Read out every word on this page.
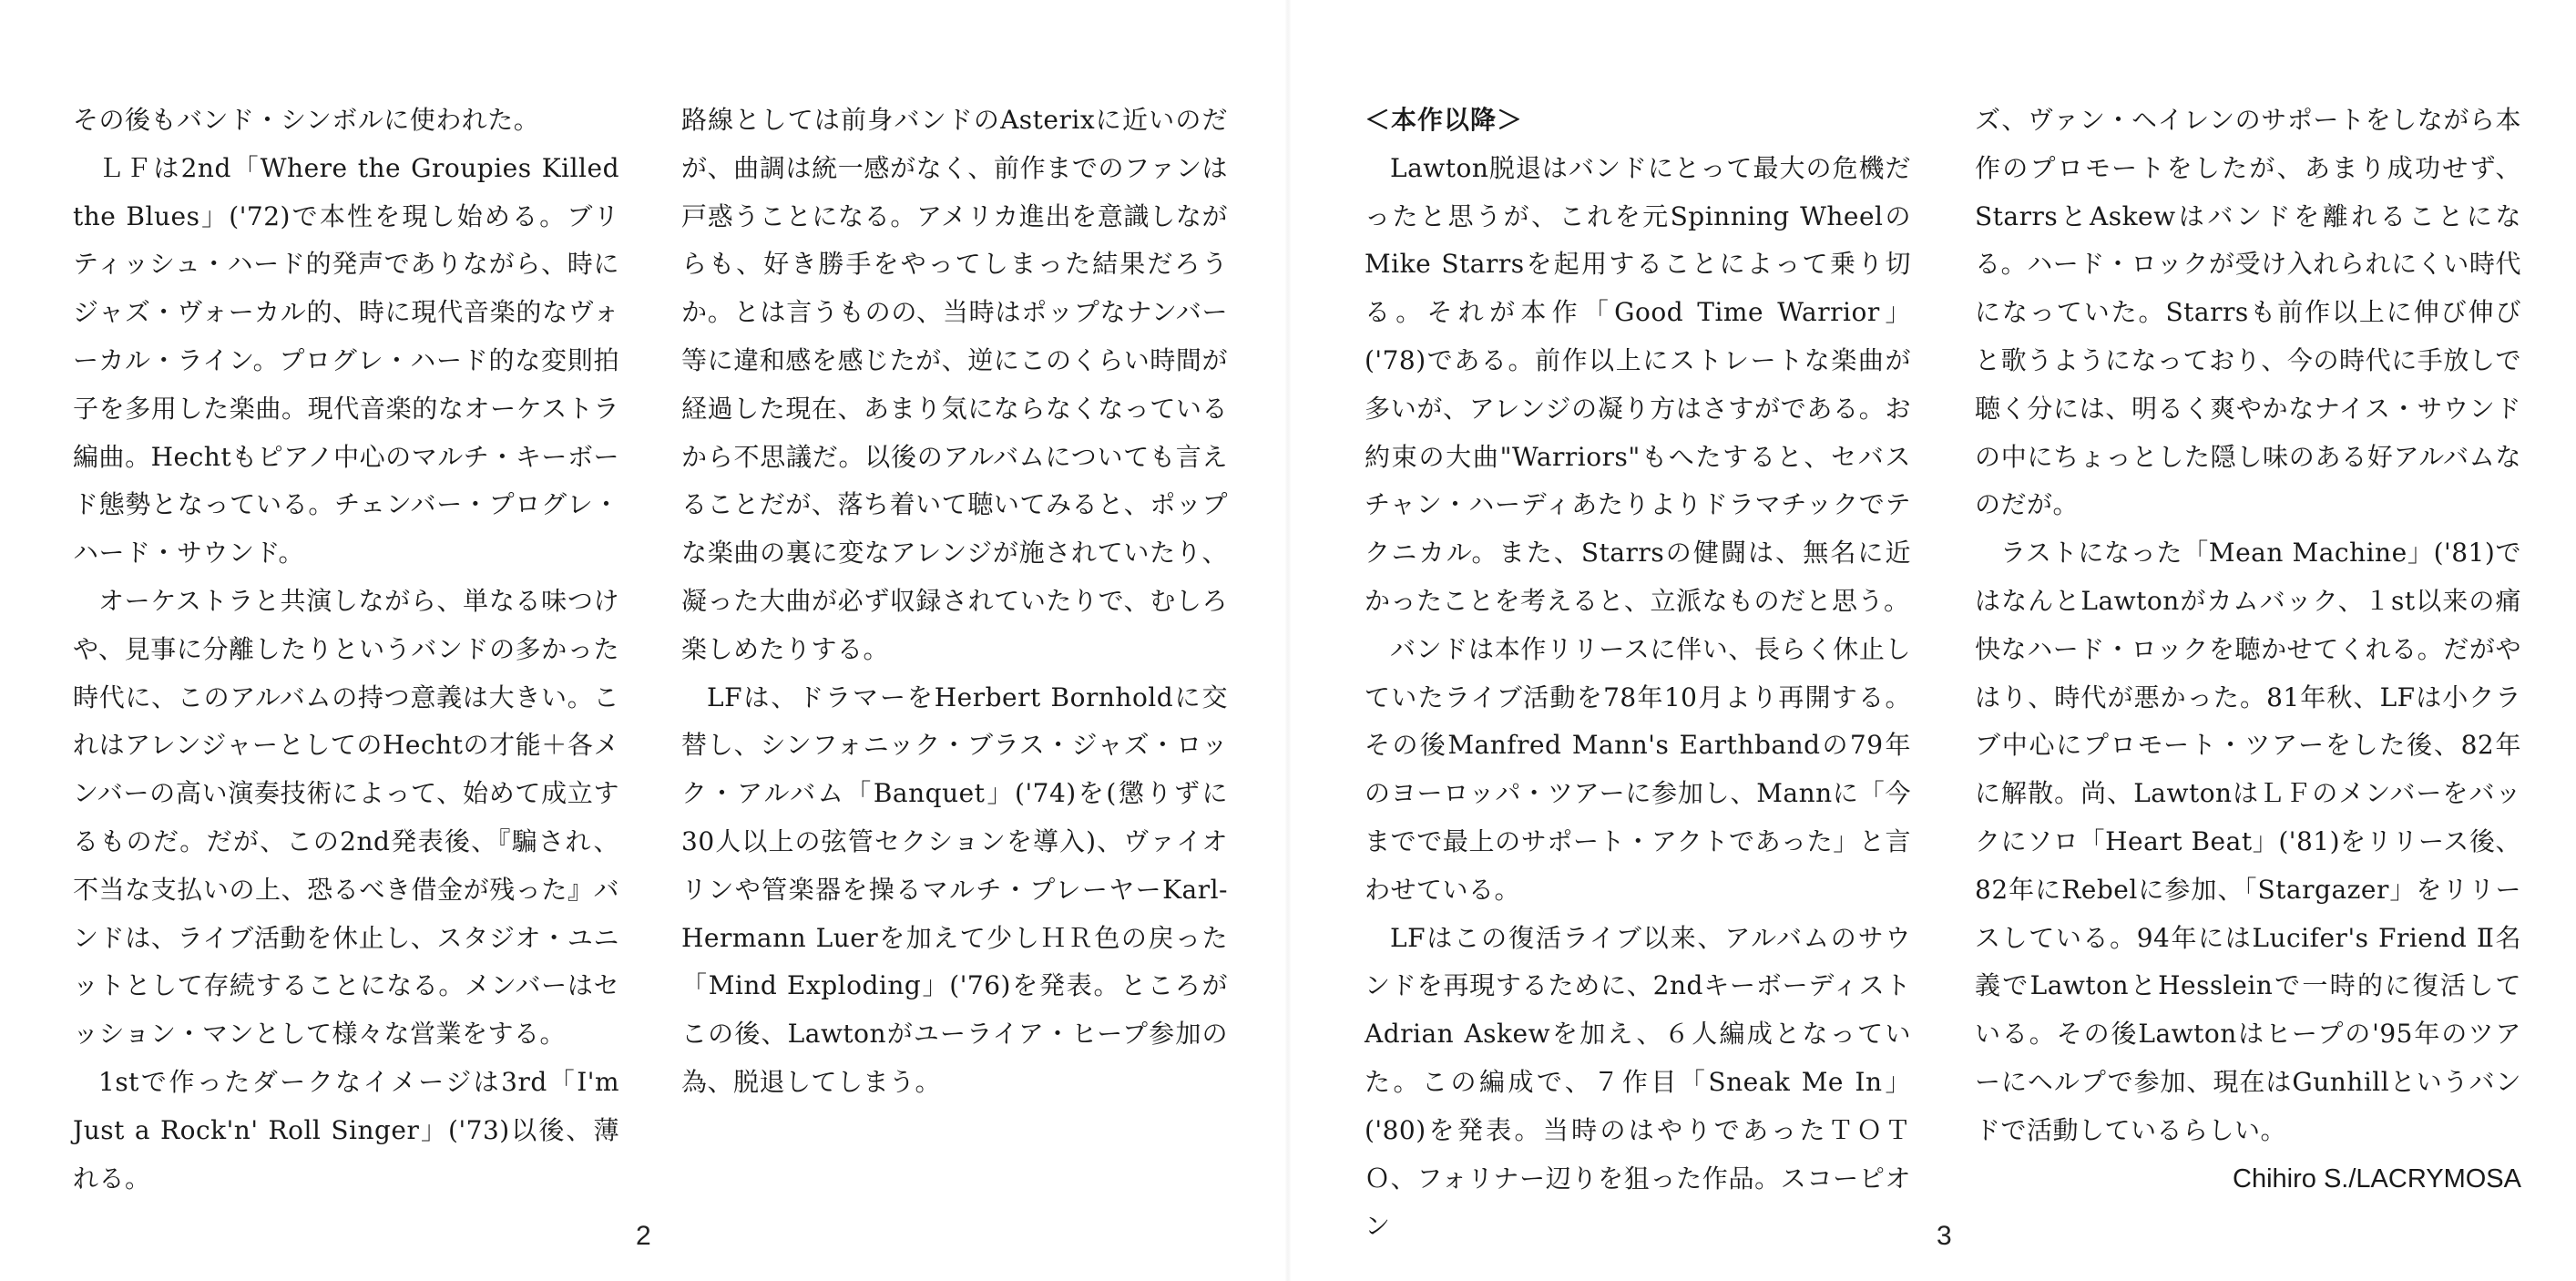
その後もバンド・シンボルに使われた。

ＬＦは2nd「Where the Groupies Killed the Blues」('72)で本性を現し始める。ブリティッシュ・ハード的発声でありながら、時にジャズ・ヴォーカル的、時に現代音楽的なヴォーカル・ライン。プログレ・ハード的な変則拍子を多用した楽曲。現代音楽的なオーケストラ編曲。Hechtもピアノ中心のマルチ・キーボード態勢となっている。チェンバー・プログレ・ハード・サウンド。

オーケストラと共演しながら、単なる味つけや、見事に分離したりというバンドの多かった時代に、このアルバムの持つ意義は大きい。これはアレンジャーとしてのHechtの才能＋各メンバーの高い演奏技術によって、始めて成立するものだ。だが、この2nd発表後、『騙され、不当な支払いの上、恐るべき借金が残った』バンドは、ライブ活動を休止し、スタジオ・ユニットとして存続することになる。メンバーはセッション・マンとして様々な営業をする。

1stで作ったダークなイメージは3rd「I'm Just a Rock'n' Roll Singer」('73)以後、薄れる。

路線としては前身バンドのAsterixに近いのだが、曲調は統一感がなく、前作までのファンは戸惑うことになる。アメリカ進出を意識しながらも、好き勝手をやってしまった結果だろうか。とは言うものの、当時はポップなナンバー等に違和感を感じたが、逆にこのくらい時間が経過した現在、あまり気にならなくなっているから不思議だ。以後のアルバムについても言えることだが、落ち着いて聴いてみると、ポップな楽曲の裏に変なアレンジが施されていたり、凝った大曲が必ず収録されていたりで、むしろ楽しめたりする。

LFは、ドラマーをHerbert Bornholdに交替し、シンフォニック・ブラス・ジャズ・ロック・アルバム「Banquet」('74)を(懲りずに30人以上の弦管セクションを導入)、ヴァイオリンや管楽器を操るマルチ・プレーヤーKarl-Hermann Luerを加えて少しＨＲ色の戻った「Mind Exploding」('76)を発表。ところがこの後、Lawtonがユーライア・ヒープ参加の為、脱退してしまう。

2

＜本作以降＞

Lawton脱退はバンドにとって最大の危機だったと思うが、これを元Spinning WheelのMike Starrsを起用することによって乗り切る。それが本作「Good Time Warrior」('78)である。前作以上にストレートな楽曲が多いが、アレンジの凝り方はさすがである。お約束の大曲"Warriors"もへたすると、セバスチャン・ハーディあたりよりドラマチックでテクニカル。また、Starrsの健闘は、無名に近かったことを考えると、立派なものだと思う。

バンドは本作リリースに伴い、長らく休止していたライブ活動を78年10月より再開する。その後Manfred Mann's Earthbandの79年のヨーロッパ・ツアーに参加し、Mannに「今までで最上のサポート・アクトであった」と言わせている。

LFはこの復活ライブ以来、アルバムのサウンドを再現するために、2ndキーボーディストAdrian Askewを加え、６人編成となっていた。この編成で、７作目「Sneak Me In」('80)を発表。当時のはやりであったＴＯＴＯ、フォリナー辺りを狙った作品。スコーピオン

ズ、ヴァン・ヘイレンのサポートをしながら本作のプロモートをしたが、あまり成功せず、StarrsとAskewはバンドを離れることになる。ハード・ロックが受け入れられにくい時代になっていた。Starrsも前作以上に伸び伸びと歌うようになっており、今の時代に手放しで聴く分には、明るく爽やかなナイス・サウンドの中にちょっとした隠し味のある好アルバムなのだが。

ラストになった「Mean Machine」('81)ではなんとLawtonがカムバック、１st以来の痛快なハード・ロックを聴かせてくれる。だがやはり、時代が悪かった。81年秋、LFは小クラブ中心にプロモート・ツアーをした後、82年に解散。尚、LawtonはＬＦのメンバーをバックにソロ「Heart Beat」('81)をリリース後、82年にRebelに参加、「Stargazer」をリリースしている。94年にはLucifer's Friend Ⅱ名義でLawtonとHessleinで一時的に復活している。その後Lawtonはヒープの'95年のツアーにヘルプで参加、現在はGunhillというバンドで活動しているらしい。

Chihiro S./LACRYMOSA
3
